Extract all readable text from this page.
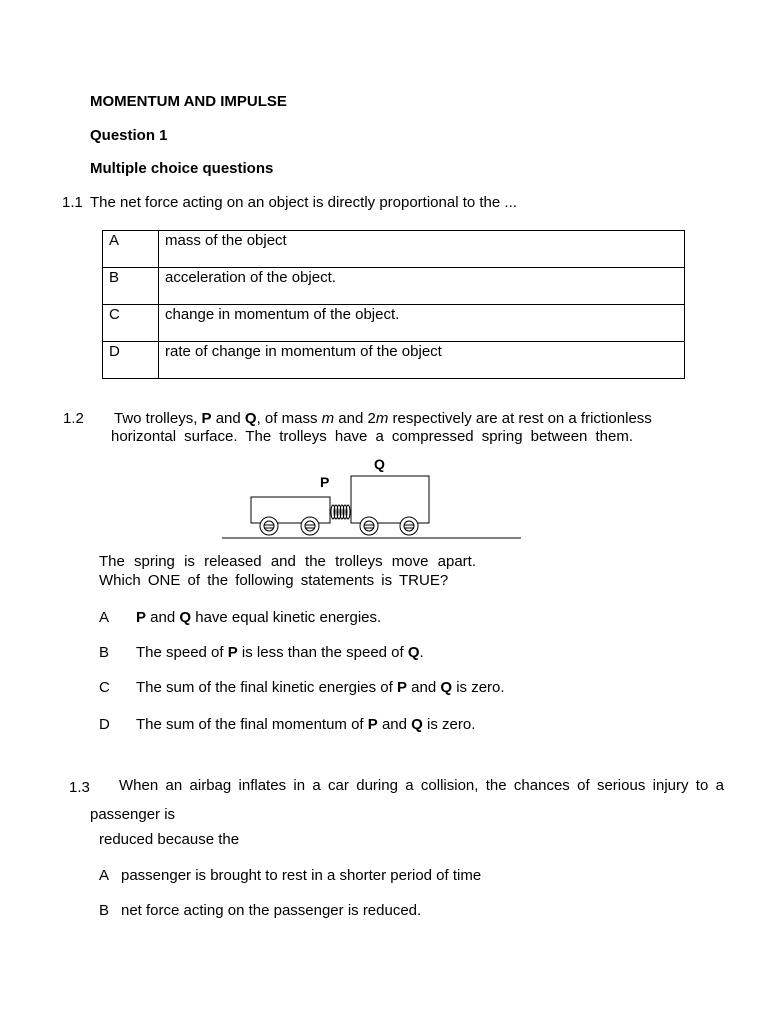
MOMENTUM AND IMPULSE
Question 1
Multiple choice questions
1.1 The net force acting on an object is directly proportional to the ...
A	mass of the object
B	acceleration of the object.
C	change in momentum of the object.
D	rate of change in momentum of the object
1.2 Two trolleys, P and Q, of mass m and 2m respectively are at rest on a frictionless
horizontal surface. The trolleys have a compressed spring between them.
P
Q
The spring is released and the trolleys move apart.
Which ONE of the following statements is TRUE?
A P and Q have equal kinetic energies.
B The speed of P is less than the speed of Q.
C The sum of the final kinetic energies of P and Q is zero.
D The sum of the final momentum of P and Q is zero.
1.3 When an airbag inflates in a car during a collision, the chances of serious injury to a
passenger is
reduced because the
A passenger is brought to rest in a shorter period of time
B net force acting on the passenger is reduced.
